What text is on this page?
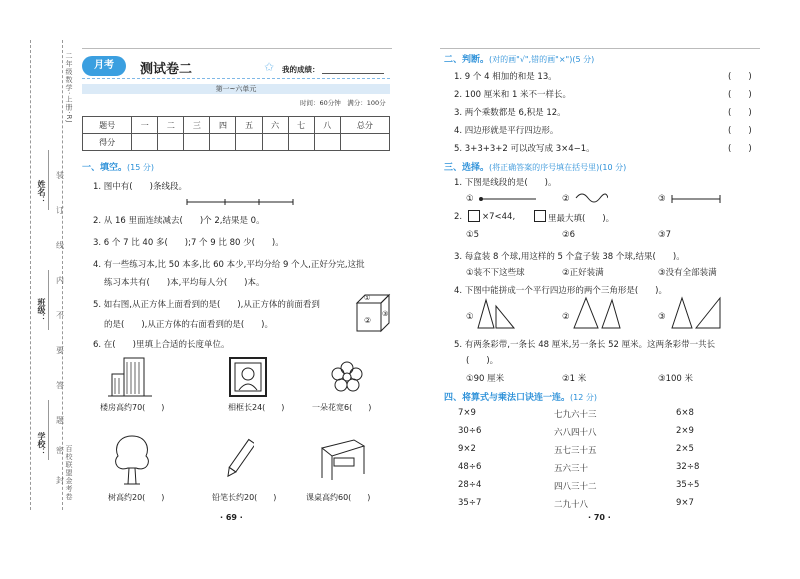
二年级数学·上册·RJ
姓名：
班级：
学校：
装
订
线
内
不
要
答
题
密
封 百校联盟金考卷
月考	测试卷二	✩ 我的成绩：
第一~六单元
时间：60分钟　满分：100分
题号	一	二	三	四	五	六	七	八	总分
得分									
一、填空。(15 分)
1. 图中有(　　)条线段。
2. 从 16 里面连续减去(　　)个 2,结果是 0。
3. 6 个 7 比 40 多(　　);7 个 9 比 80 少(　　)。
4. 有一些练习本,比 50 本多,比 60 本少,平均分给 9 个人,正好分完,这批
练习本共有(　　)本,平均每人分(　　)本。
5. 如右图,从正方体上面看到的是(　　),从正方体的前面看到
的是(　　),从正方体的右面看到的是(　　)。
①
②
③
6. 在(　　)里填上合适的长度单位。
楼房高约70(　　)	相框长24(　　)	一朵花宽6(　　)
树高约20(　　)	铅笔长约20(　　)	课桌高约60(　　)
· 69 ·
二、判断。(对的画"√",错的画"×")(5 分)
1. 9 个 4 相加的和是 13。	(　　)
2. 100 厘米和 1 米不一样长。	(　　)
3. 两个乘数都是 6,积是 12。	(　　)
4. 四边形就是平行四边形。	(　　)
5. 3+3+3+2 可以改写成 3×4−1。	(　　)
三、选择。(将正确答案的序号填在括号里)(10 分)
1. 下图是线段的是(　　)。
①	②	③
2. ×7<44,	里最大填(　　)。
①5	②6	③7
3. 每盒装 8 个球,用这样的 5 个盒子装 38 个球,结果(　　)。
①装不下这些球	②正好装满	③没有全部装满
4. 下图中能拼成一个平行四边形的两个三角形是(　　)。
①	②	③
5. 有两条彩带,一条长 48 厘米,另一条长 52 厘米。这两条彩带一共长
(　　)。
①90 厘米	②1 米	③100 米
四、将算式与乘法口诀连一连。(12 分)
7×9
30÷6
9×2
48÷6
28÷4
35÷7
七九六十三
六八四十八
五七三十五
五六三十
四八三十二
二九十八
6×8
2×9
2×5
32÷8
35÷5
9×7
· 70 ·
